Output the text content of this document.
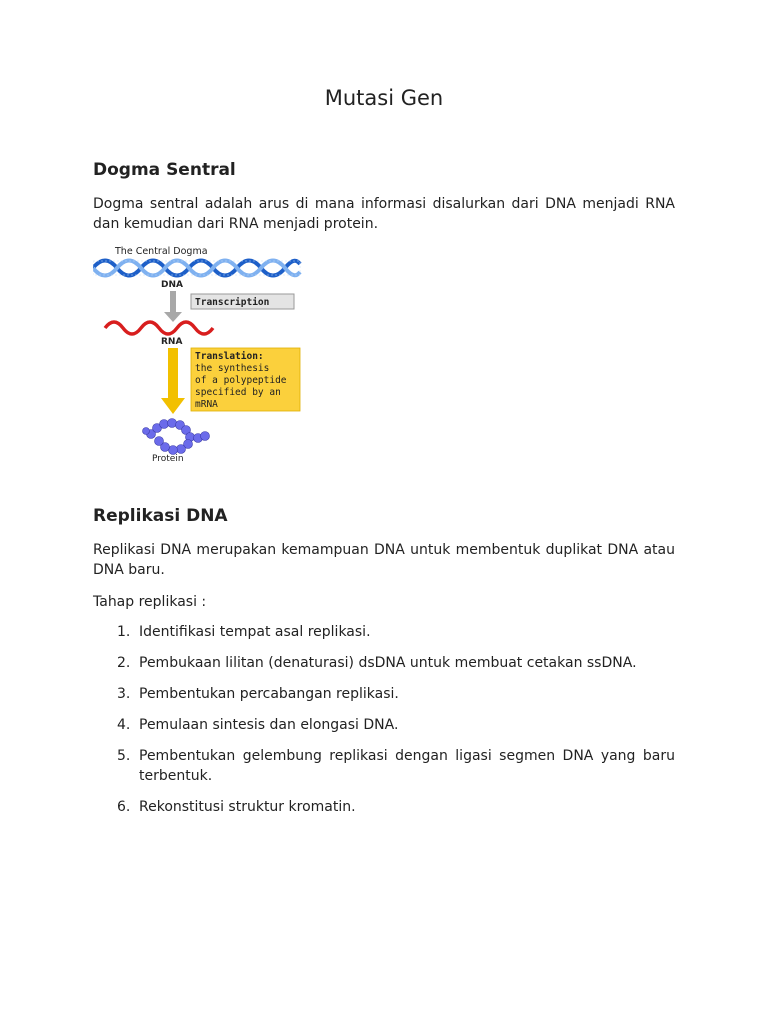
Mutasi Gen
Dogma Sentral

Dogma sentral adalah arus di mana informasi disalurkan dari DNA menjadi RNA dan kemudian dari RNA menjadi protein.

The Central Dogma
DNA
Transcription
RNA
Translation: the synthesis of a polypeptide specified by an mRNA
Protein
Replikasi DNA

Replikasi DNA merupakan kemampuan DNA untuk membentuk duplikat DNA atau DNA baru.

Tahap replikasi :

1. Identifikasi tempat asal replikasi.
2. Pembukaan lilitan (denaturasi) dsDNA untuk membuat cetakan ssDNA.
3. Pembentukan percabangan replikasi.
4. Pemulaan sintesis dan elongasi DNA.
5. Pembentukan gelembung replikasi dengan ligasi segmen DNA yang baru terbentuk.
6. Rekonstitusi struktur kromatin.
